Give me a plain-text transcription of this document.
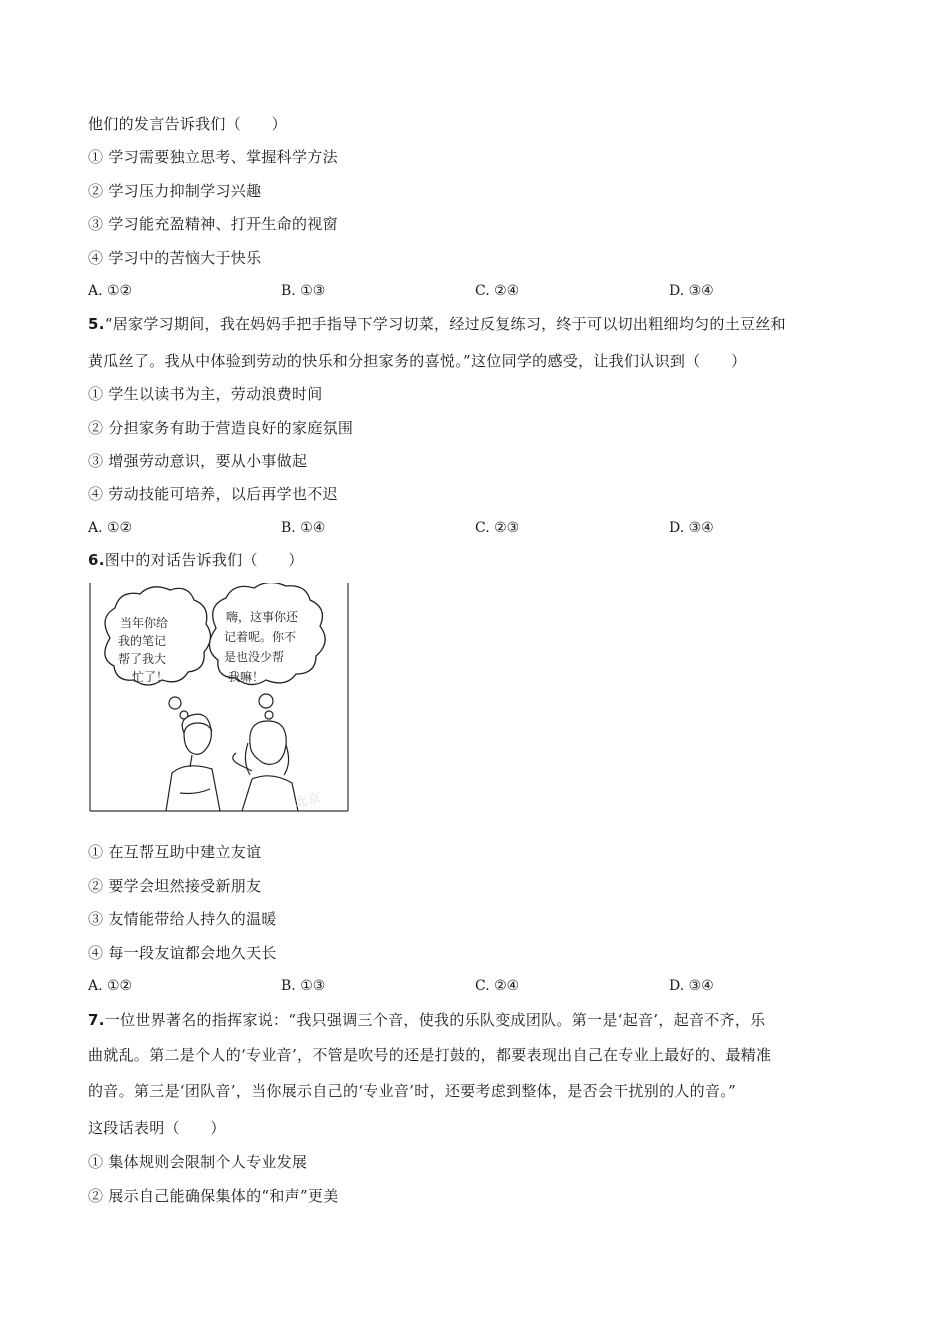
他们的发言告诉我们（　　）
① 学习需要独立思考、掌握科学方法
② 学习压力抑制学习兴趣
③ 学习能充盈精神、打开生命的视窗
④ 学习中的苦恼大于快乐
A. ①②	B. ①③	C. ②④	D. ③④
5.“居家学习期间，我在妈妈手把手指导下学习切菜，经过反复练习，终于可以切出粗细均匀的土豆丝和
黄瓜丝了。我从中体验到劳动的快乐和分担家务的喜悦。”这位同学的感受，让我们认识到（　　）
① 学生以读书为主，劳动浪费时间
② 分担家务有助于营造良好的家庭氛围
③ 增强劳动意识，要从小事做起
④ 劳动技能可培养，以后再学也不迟
A. ①②	B. ①④	C. ②③	D. ③④
6.图中的对话告诉我们（　　）
当年你给
我的笔记
帮了我大
忙了！
嗨，这事你还
记着呢。你不
是也没少帮
我嘛！
北京
① 在互帮互助中建立友谊
② 要学会坦然接受新朋友
③ 友情能带给人持久的温暖
④ 每一段友谊都会地久天长
A. ①②	B. ①③	C. ②④	D. ③④
7.一位世界著名的指挥家说：“我只强调三个音，使我的乐队变成团队。第一是‘起音’，起音不齐，乐
曲就乱。第二是个人的‘专业音’，不管是吹号的还是打鼓的，都要表现出自己在专业上最好的、最精准
的音。第三是‘团队音’，当你展示自己的‘专业音’时，还要考虑到整体，是否会干扰别的人的音。”
这段话表明（　　）
① 集体规则会限制个人专业发展
② 展示自己能确保集体的“和声”更美
